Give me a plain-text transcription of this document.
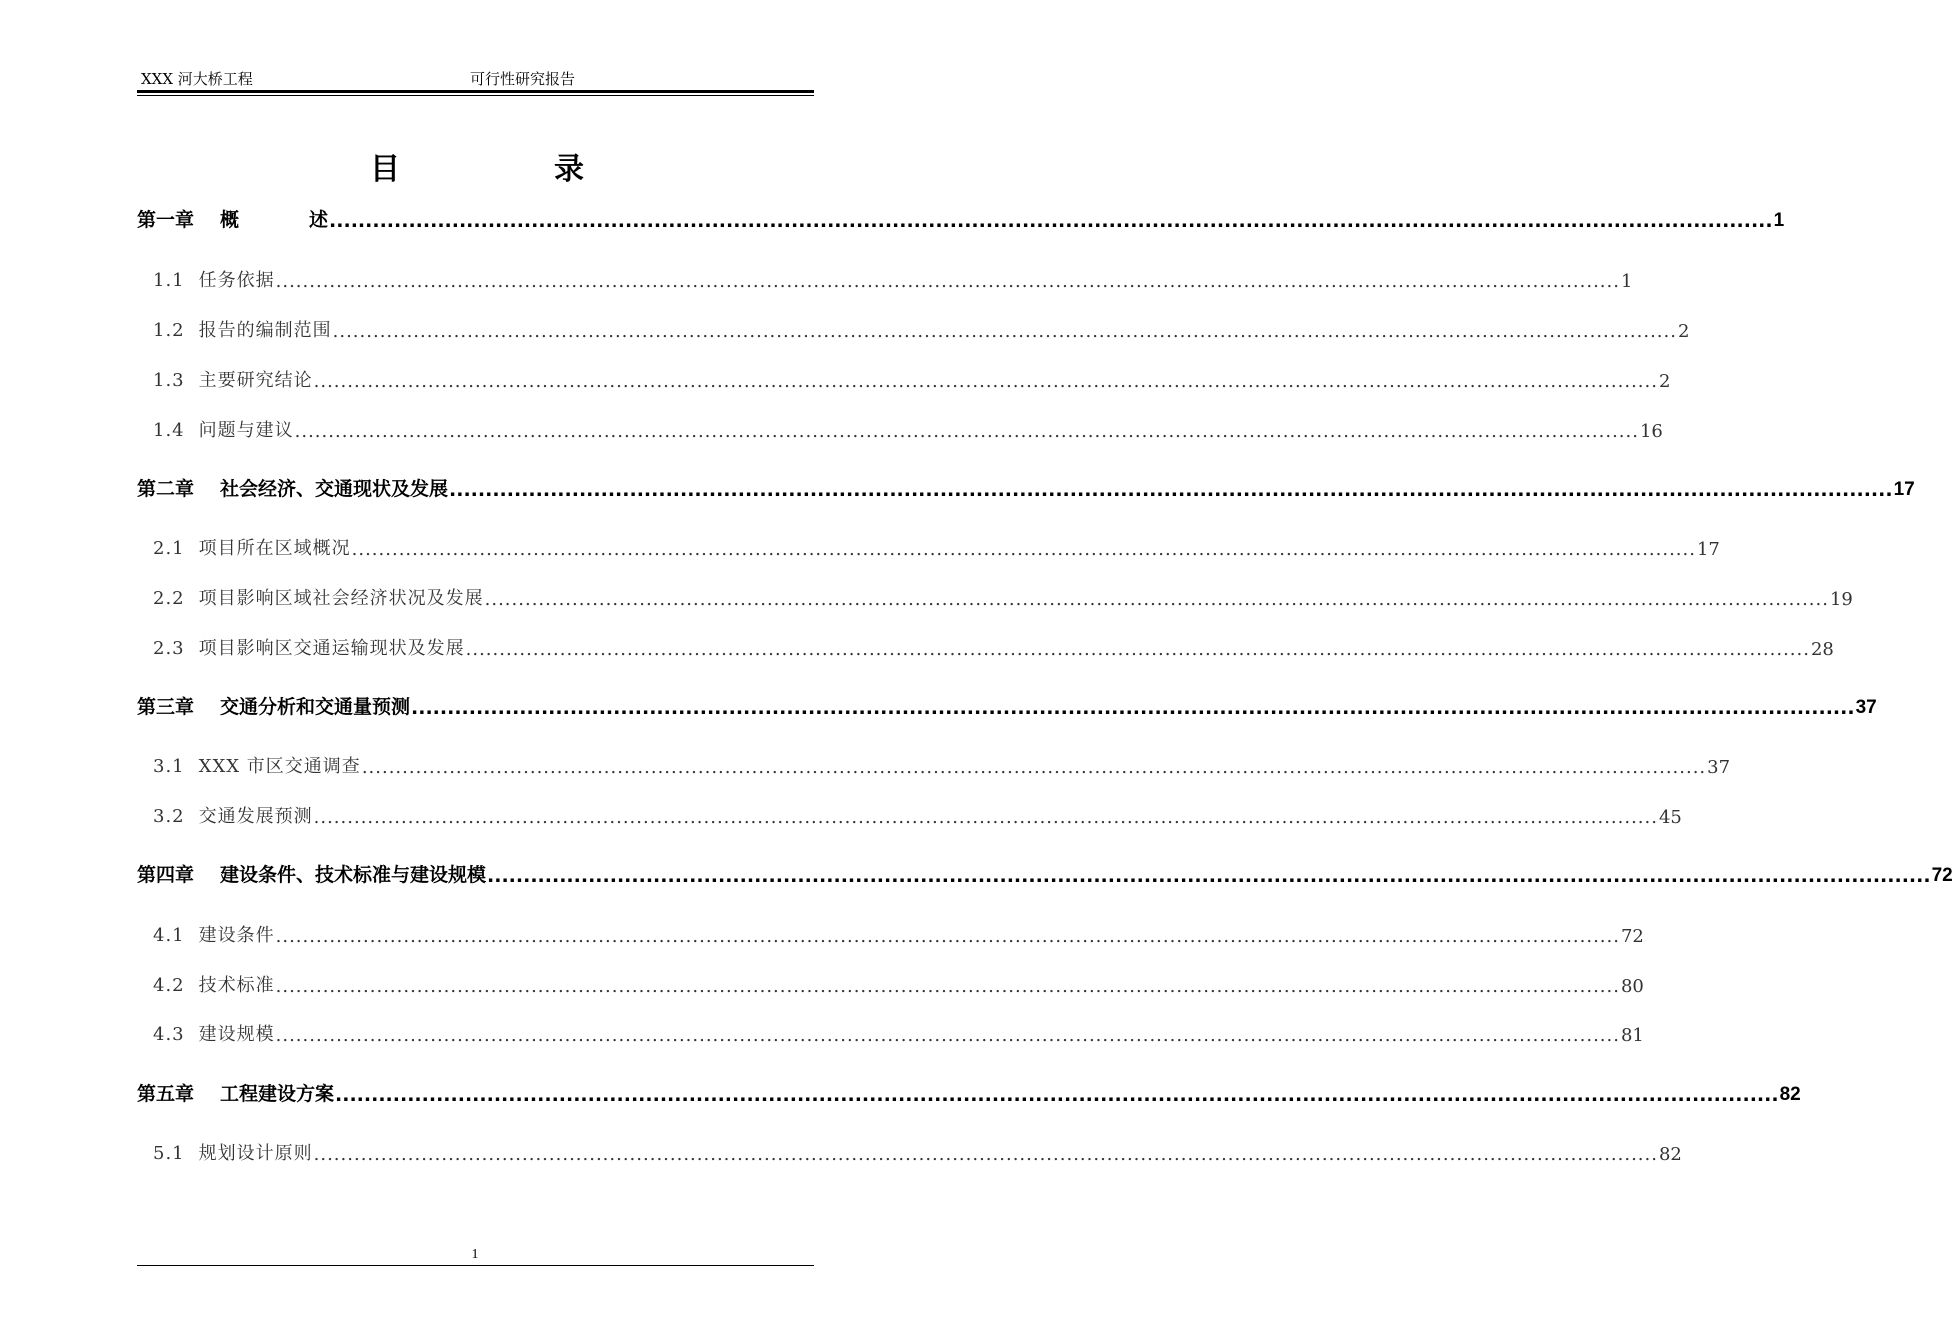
XXX 河大桥工程	可行性研究报告
目	录
第一章 概	述 ........................................................................................................................................................................................................ 1
1.1 任务依据 ........................................................................................................................................................................................................ 1
1.2 报告的编制范围 ........................................................................................................................................................................................................ 2
1.3 主要研究结论 ........................................................................................................................................................................................................ 2
1.4 问题与建议 ........................................................................................................................................................................................................ 16
第二章 社会经济、交通现状及发展 ........................................................................................................................................................................................................ 17
2.1 项目所在区域概况 ........................................................................................................................................................................................................ 17
2.2 项目影响区域社会经济状况及发展 ........................................................................................................................................................................................................ 19
2.3 项目影响区交通运输现状及发展 ........................................................................................................................................................................................................ 28
第三章 交通分析和交通量预测 ........................................................................................................................................................................................................ 37
3.1 XXX 市区交通调查 ........................................................................................................................................................................................................ 37
3.2 交通发展预测 ........................................................................................................................................................................................................ 45
第四章 建设条件、技术标准与建设规模 ........................................................................................................................................................................................................ 72
4.1 建设条件 ........................................................................................................................................................................................................ 72
4.2 技术标准 ........................................................................................................................................................................................................ 80
4.3 建设规模 ........................................................................................................................................................................................................ 81
第五章 工程建设方案 ........................................................................................................................................................................................................ 82
5.1 规划设计原则 ........................................................................................................................................................................................................ 82
1
